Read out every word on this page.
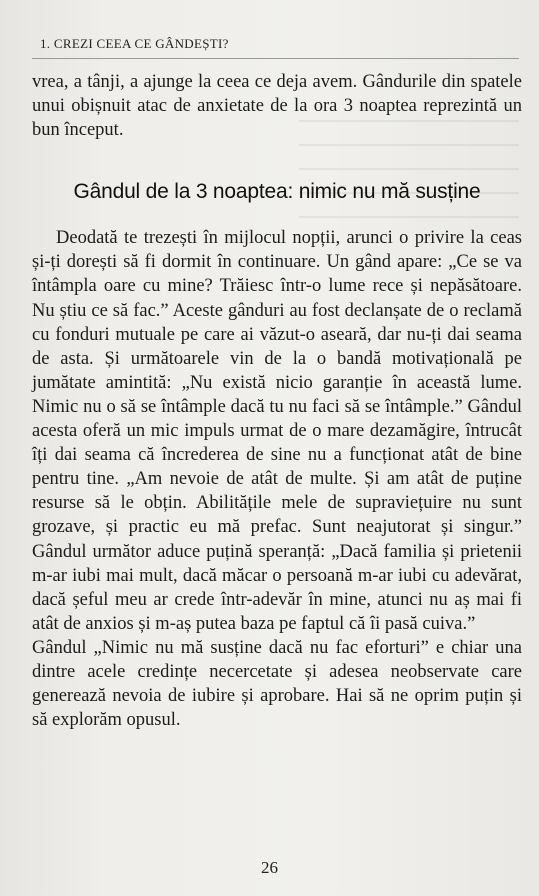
1. CREZI CEEA CE GÂNDEȘTI?

vrea, a tânji, a ajunge la ceea ce deja avem. Gândurile din spatele unui obișnuit atac de anxietate de la ora 3 noaptea reprezintă un bun început.

Gândul de la 3 noaptea: nimic nu mă susține

Deodată te trezești în mijlocul nopții, arunci o privire la ceas și-ți dorești să fi dormit în continuare. Un gând apare: „Ce se va întâmpla oare cu mine? Trăiesc într-o lume rece și nepăsătoare. Nu știu ce să fac.” Aceste gânduri au fost declanșate de o reclamă cu fonduri mutuale pe care ai văzut-o aseară, dar nu-ți dai seama de asta. Și următoarele vin de la o bandă motivațională pe jumătate amintită: „Nu există nicio garanție în această lume. Nimic nu o să se întâmple dacă tu nu faci să se întâmple.” Gândul acesta oferă un mic impuls urmat de o mare dezamăgire, întrucât îți dai seama că încrederea de sine nu a funcționat atât de bine pentru tine. „Am nevoie de atât de multe. Și am atât de puține resurse să le obțin. Abilitățile mele de supraviețuire nu sunt grozave, și practic eu mă prefac. Sunt neajutorat și singur.” Gândul următor aduce puțină speranță: „Dacă familia și prietenii m-ar iubi mai mult, dacă măcar o persoană m-ar iubi cu adevărat, dacă șeful meu ar crede într-adevăr în mine, atunci nu aș mai fi atât de anxios și m-aș putea baza pe faptul că îi pasă cuiva.”

Gândul „Nimic nu mă susține dacă nu fac eforturi” e chiar una dintre acele credințe necercetate și adesea neobservate care generează nevoia de iubire și aprobare. Hai să ne oprim puțin și să explorăm opusul.

26
